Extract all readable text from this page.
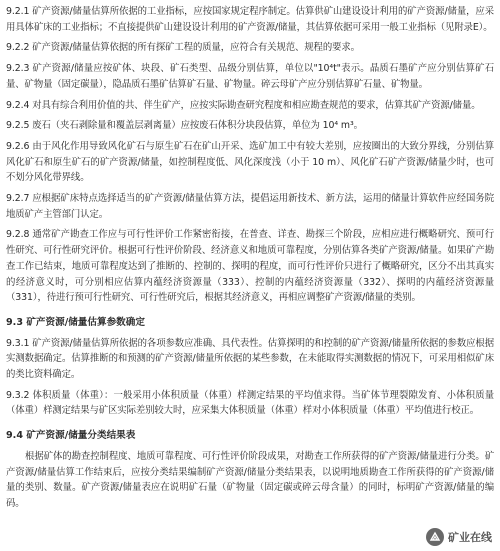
9.2.1 矿产资源/储量估算所依据的工业指标，应按国家规定程序制定。估算供矿山建设设计利用的矿产资源/储量，应采用具体矿床的工业指标；不直接提供矿山建设设计利用的矿产资源/储量，其估算依据可采用一般工业指标（见附录E）。

9.2.2 矿产资源/储量估算依据的所有探矿工程的质量，应符合有关规范、规程的要求。

9.2.3 矿产资源/储量应按矿体、块段、矿石类型、品级分别估算，单位以"10⁴t"表示。晶质石墨矿产应分别估算矿石量、矿物量（固定碳量），隐晶质石墨矿估算矿石量、矿物量。碎云母矿产应分别估算矿石量、矿物量。

9.2.4 对具有综合利用价值的共、伴生矿产，应按实际勘查研究程度和相应勘查规范的要求，估算其矿产资源/储量。

9.2.5 废石（夹石剥除量和覆盖层剥离量）应按废石体积分块段估算，单位为 10⁴ m³。

9.2.6 由于风化作用导致风化矿石与原生矿石在矿山开采、选矿加工中有较大差别，应按圈出的大致分界线，分别估算风化矿石和原生矿石的矿产资源/储量，如控制程度低、风化深度浅（小于 10 m）、风化矿石矿产资源/储量少时，也可不划分风化带界线。

9.2.7 应根据矿床特点选择适当的矿产资源/储量估算方法，提倡运用新技术、新方法，运用的储量计算软件应经国务院地质矿产主管部门认定。

9.2.8 通常矿产勘查工作应与可行性评价工作紧密衔接，在普查、详查、勘探三个阶段，应相应进行概略研究、预可行性研究、可行性研究评价。根据可行性评价阶段、经济意义和地质可靠程度，分别估算各类矿产资源/储量。如果矿产勘查工作已结束，地质可靠程度达到了推断的、控制的、探明的程度，而可行性评价只进行了概略研究，区分不出其真实的经济意义时，可分别相应估算内蕴经济资源量（333）、控制的内蕴经济资源量（332）、探明的内蕴经济资源量（331），待进行预可行性研究、可行性研究后，根据其经济意义，再相应调整矿产资源/储量的类别。

9.3 矿产资源/储量估算参数确定

9.3.1 矿产资源/储量估算所依据的各项参数应准确、具代表性。估算探明的和控制的矿产资源/储量所依据的参数应根据实测数据确定。估算推断的和预测的矿产资源/储量所依据的某些参数，在未能取得实测数据的情况下，可采用相似矿床的类比资料确定。

9.3.2 体积质量（体重）：一般采用小体积质量（体重）样测定结果的平均值求得。当矿体节理裂隙发育、小体积质量（体重）样测定结果与矿区实际差别较大时，应采集大体积质量（体重）样对小体积质量（体重）平均值进行校正。

9.4 矿产资源/储量分类结果表

根据矿体的勘查控制程度、地质可靠程度、可行性评价阶段成果，对勘查工作所获得的矿产资源/储量进行分类。矿产资源/储量估算工作结束后，应按分类结果编制矿产资源/储量分类结果表，以说明地质勘查工作所获得的矿产资源/储量的类别、数量。矿产资源/储量表应在说明矿石量（矿物量（固定碳或碎云母含量）的同时，标明矿产资源/储量的编码。

矿业在线
